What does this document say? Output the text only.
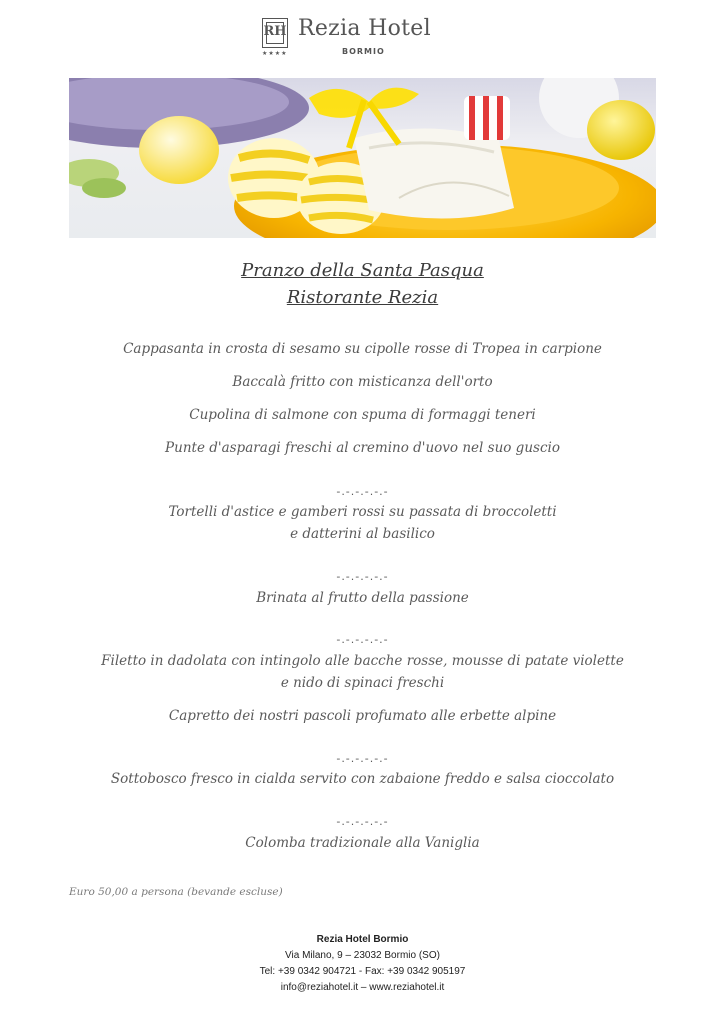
RH
★★★★
Rezia Hotel
BORMIO
Pranzo della Santa Pasqua
Ristorante Rezia
Cappasanta in crosta di sesamo su cipolle rosse di Tropea in carpione
Baccalà fritto con misticanza dell'orto
Cupolina di salmone con spuma di formaggi teneri
Punte d'asparagi freschi al cremino d'uovo nel suo guscio
-.-.-.-.-.-
Tortelli d'astice e gamberi rossi su passata di broccoletti
e datterini al basilico
-.-.-.-.-.-
Brinata al frutto della passione
-.-.-.-.-.-
Filetto in dadolata con intingolo alle bacche rosse, mousse di patate violette
e nido di spinaci freschi
Capretto dei nostri pascoli profumato alle erbette alpine
-.-.-.-.-.-
Sottobosco fresco in cialda servito con zabaione freddo e salsa cioccolato
-.-.-.-.-.-
Colomba tradizionale alla Vaniglia
Euro 50,00 a persona (bevande escluse)
Rezia Hotel Bormio
Via Milano, 9 – 23032 Bormio (SO)
Tel: +39 0342 904721 - Fax: +39 0342 905197
info@reziahotel.it – www.reziahotel.it
